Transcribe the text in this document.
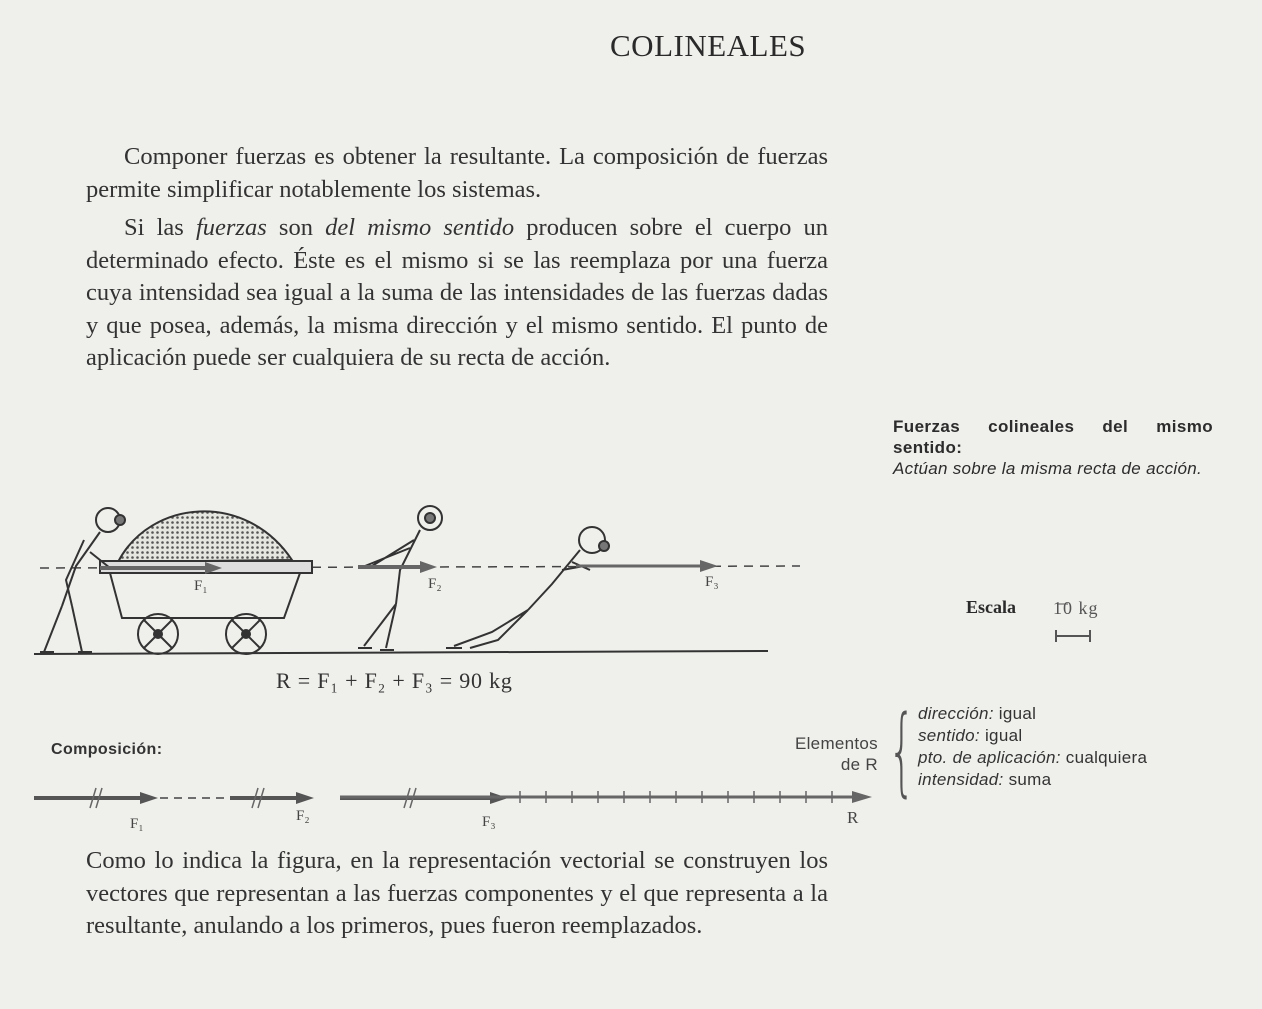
COLINEALES
Componer fuerzas es obtener la resultante. La composición de fuerzas permite simplificar notablemente los sistemas.
Si las fuerzas son del mismo sentido producen sobre el cuerpo un determinado efecto. Éste es el mismo si se las reemplaza por una fuerza cuya intensidad sea igual a la suma de las intensidades de las fuerzas dadas y que posea, además, la misma dirección y el mismo sentido. El punto de aplicación puede ser cualquiera de su recta de acción.
Fuerzas colineales del mismo sentido:
Actúan sobre la misma recta de acción.
Escala 10 kg
F₁	F₂	F₃
R = F₁ + F₂ + F₃ = 90 kg
Composición:
F₁	F₂	F₃	R
Elementos
de R { dirección: igual
sentido: igual
pto. de aplicación: cualquiera
intensidad: suma
Como lo indica la figura, en la representación vectorial se construyen los vectores que representan a las fuerzas componentes y el que representa a la resultante, anulando a los primeros, pues fueron reemplazados.
